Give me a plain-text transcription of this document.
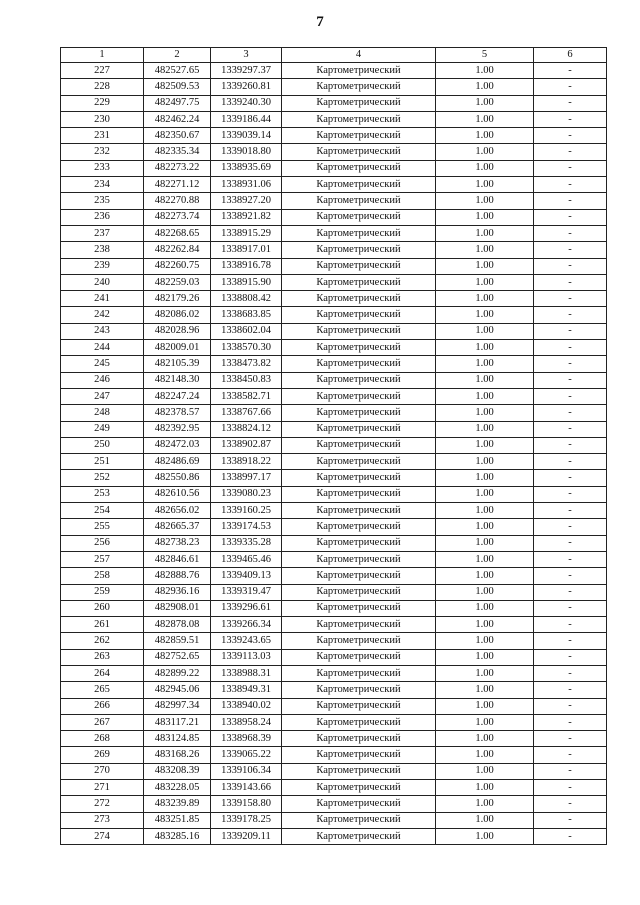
7
1	2	3	4	5	6
227	482527.65	1339297.37	Картометрический	1.00	-
228	482509.53	1339260.81	Картометрический	1.00	-
229	482497.75	1339240.30	Картометрический	1.00	-
230	482462.24	1339186.44	Картометрический	1.00	-
231	482350.67	1339039.14	Картометрический	1.00	-
232	482335.34	1339018.80	Картометрический	1.00	-
233	482273.22	1338935.69	Картометрический	1.00	-
234	482271.12	1338931.06	Картометрический	1.00	-
235	482270.88	1338927.20	Картометрический	1.00	-
236	482273.74	1338921.82	Картометрический	1.00	-
237	482268.65	1338915.29	Картометрический	1.00	-
238	482262.84	1338917.01	Картометрический	1.00	-
239	482260.75	1338916.78	Картометрический	1.00	-
240	482259.03	1338915.90	Картометрический	1.00	-
241	482179.26	1338808.42	Картометрический	1.00	-
242	482086.02	1338683.85	Картометрический	1.00	-
243	482028.96	1338602.04	Картометрический	1.00	-
244	482009.01	1338570.30	Картометрический	1.00	-
245	482105.39	1338473.82	Картометрический	1.00	-
246	482148.30	1338450.83	Картометрический	1.00	-
247	482247.24	1338582.71	Картометрический	1.00	-
248	482378.57	1338767.66	Картометрический	1.00	-
249	482392.95	1338824.12	Картометрический	1.00	-
250	482472.03	1338902.87	Картометрический	1.00	-
251	482486.69	1338918.22	Картометрический	1.00	-
252	482550.86	1338997.17	Картометрический	1.00	-
253	482610.56	1339080.23	Картометрический	1.00	-
254	482656.02	1339160.25	Картометрический	1.00	-
255	482665.37	1339174.53	Картометрический	1.00	-
256	482738.23	1339335.28	Картометрический	1.00	-
257	482846.61	1339465.46	Картометрический	1.00	-
258	482888.76	1339409.13	Картометрический	1.00	-
259	482936.16	1339319.47	Картометрический	1.00	-
260	482908.01	1339296.61	Картометрический	1.00	-
261	482878.08	1339266.34	Картометрический	1.00	-
262	482859.51	1339243.65	Картометрический	1.00	-
263	482752.65	1339113.03	Картометрический	1.00	-
264	482899.22	1338988.31	Картометрический	1.00	-
265	482945.06	1338949.31	Картометрический	1.00	-
266	482997.34	1338940.02	Картометрический	1.00	-
267	483117.21	1338958.24	Картометрический	1.00	-
268	483124.85	1338968.39	Картометрический	1.00	-
269	483168.26	1339065.22	Картометрический	1.00	-
270	483208.39	1339106.34	Картометрический	1.00	-
271	483228.05	1339143.66	Картометрический	1.00	-
272	483239.89	1339158.80	Картометрический	1.00	-
273	483251.85	1339178.25	Картометрический	1.00	-
274	483285.16	1339209.11	Картометрический	1.00	-
